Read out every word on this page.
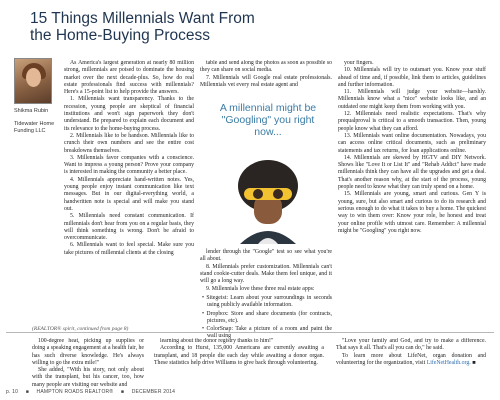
15 Things Millennials Want From
the Home-Buying Process
Shikma Rubin
Tidewater Home
Funding LLC

As America's largest generation at nearly 80 million strong, millennials are poised to dominate the housing market over the next decade-plus. So, how do real estate professionals find success with millennials? Here's a 15-point list to help provide the answers.

1. Millennials want transparency. Thanks to the recession, young people are skeptical of financial institutions and won't sign paperwork they don't understand. Be prepared to explain each document and its relevance to the home-buying process.

2. Millennials like to be handson. Millennials like to crunch their own numbers and see the entire cost breakdowns themselves.

3. Millennials favor companies with a conscience. Want to impress a young person? Prove your company is interested in making the community a better place.

4. Millennials appreciate hand-written notes. Yes, young people enjoy instant communication like text messages. But in our digital-everything world, a handwritten note is special and will make you stand out.

5. Millennials need constant communication. If millennials don't hear from you on a regular basis, they will think something is wrong. Don't be afraid to overcommunicate.

6. Millennials want to feel special. Make sure you take pictures of millennial clients at the closing

table and send along the photos as soon as possible so they can share on social media.

7. Millennials will Google real estate professionals. Millennials vet every real estate agent and

lender through the "Google" test so see what you're all about.

8. Millennials prefer customization. Millennials can't stand cookie-cutter deals. Make them feel unique, and it will go a long way.

9. Millennials love these three real estate apps:

• Sitegeist: Learn about your surroundings in seconds using publicly available information.
• Dropbox: Store and share documents (for contracts, pictures, etc).
• ColorSnap: Take a picture of a room and paint the wall using
A millennial might be "Googling" you right now...

your fingers.

10. Millennials will try to outsmart you. Know your stuff ahead of time and, if possible, link them to articles, guidelines and further information.

11. Millennials will judge your website—harshly. Millennials know what a "nice" website looks like, and an outdated one might keep them from working with you.

12. Millennials need realistic expectations. That's why prequalproval is critical to a smooth transaction. Then, young people know what they can afford.

13. Millennials want online documentation. Nowadays, you can access online critical documents, such as preliminary statements and tax returns, for loan applications online.

14. Millennials are skewed by HGTV and DIY Network. Shows like "Love It or List It" and "Rehab Addict" have made millennials think they can have all the upgrades and get a deal. That's another reason why, at the start of the process, young people need to know what they can truly spend on a home.

15. Millennials are young, smart and curious. Gen Y is young, sure, but also smart and curious to do its research and serious enough to do what it takes to buy a home. The quickest way to win them over: Know your role, be honest and treat your online profile with utmost care. Remember: A millennial might be "Googling" you right now.

(REALTOR® spirit, continued from page 8)

100-degree heat, picking up supplies or doing a speaking engagement at a health fair, he has such diverse knowledge. He's always willing to go the extra mile!"

She added, "With his story, not only about with the transplant, but his cancer, too, how many people are visiting our website and

learning about the donor registry thanks to him!"

According to Hurst, 135,000 Americans are currently awaiting a transplant, and 18 people die each day while awaiting a donor organ. These statistics help drive Williams to give back through volunteering.

"Love your family and God, and try to make a difference. That says it all. That's all you can do," he said.

To learn more about LifeNet, organ donation and volunteering for the organization, visit LifeNetHealth.org. ■

p. 10 ■ HAMPTON ROADS REALTOR® ■ DECEMBER 2014
